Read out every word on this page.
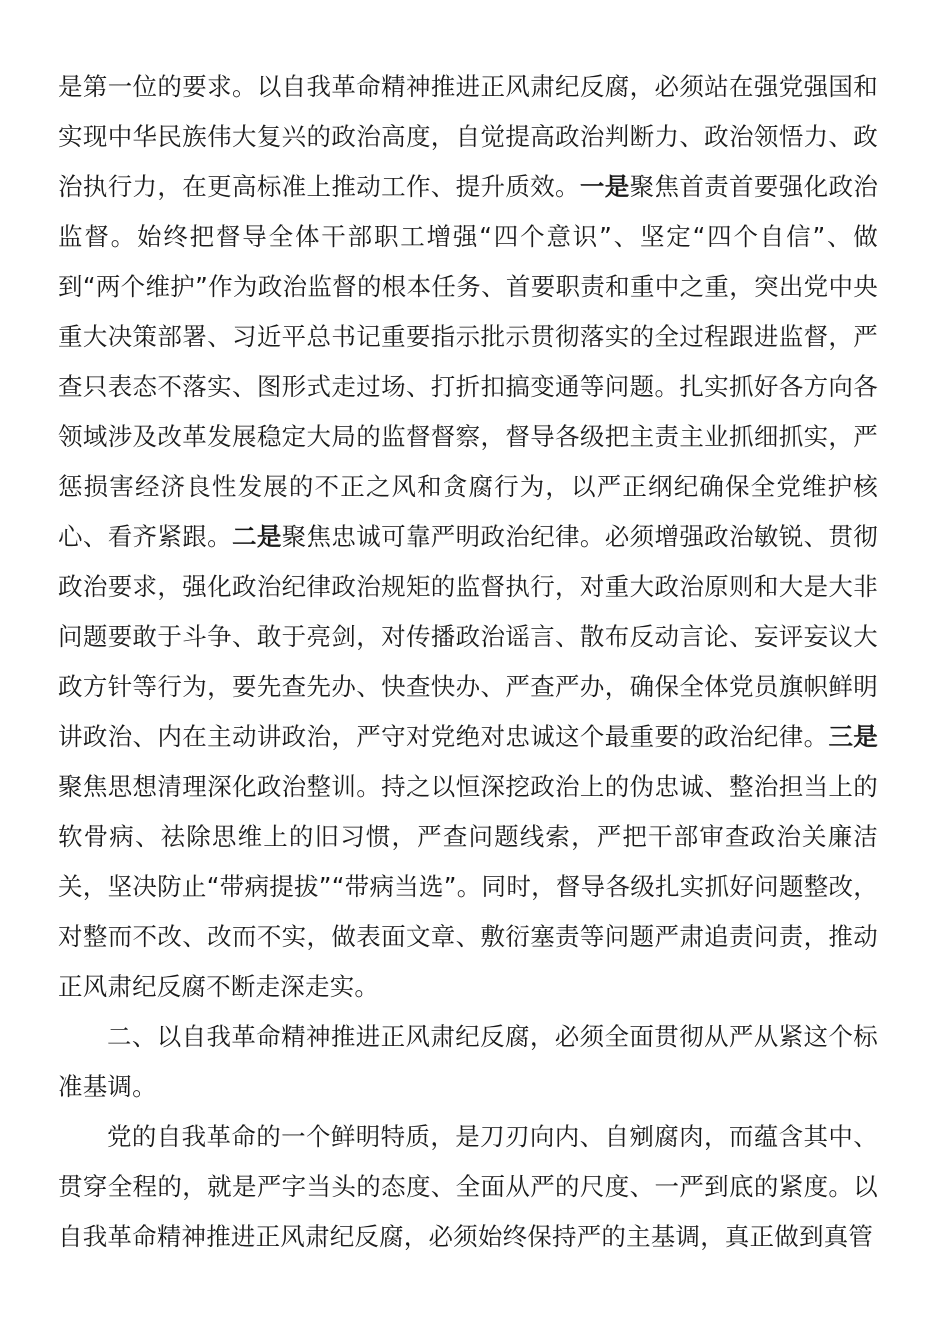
是第一位的要求。以自我革命精神推进正风肃纪反腐，必须站在强党强国和实现中华民族伟大复兴的政治高度，自觉提高政治判断力、政治领悟力、政治执行力，在更高标准上推动工作、提升质效。一是聚焦首责首要强化政治监督。始终把督导全体干部职工增强“四个意识”、坚定“四个自信”、做到“两个维护”作为政治监督的根本任务、首要职责和重中之重，突出党中央重大决策部署、习近平总书记重要指示批示贯彻落实的全过程跟进监督，严查只表态不落实、图形式走过场、打折扣搞变通等问题。扎实抓好各方向各领域涉及改革发展稳定大局的监督督察，督导各级把主责主业抓细抓实，严惩损害经济良性发展的不正之风和贪腐行为，以严正纲纪确保全党维护核心、看齐紧跟。二是聚焦忠诚可靠严明政治纪律。必须增强政治敏锐、贯彻政治要求，强化政治纪律政治规矩的监督执行，对重大政治原则和大是大非问题要敢于斗争、敢于亮剑，对传播政治谣言、散布反动言论、妄评妄议大政方针等行为，要先查先办、快查快办、严查严办，确保全体党员旗帜鲜明讲政治、内在主动讲政治，严守对党绝对忠诚这个最重要的政治纪律。三是聚焦思想清理深化政治整训。持之以恒深挖政治上的伪忠诚、整治担当上的软骨病、祛除思维上的旧习惯，严查问题线索，严把干部审查政治关廉洁关，坚决防止“带病提拔”“带病当选”。同时，督导各级扎实抓好问题整改，对整而不改、改而不实，做表面文章、敷衍塞责等问题严肃追责问责，推动正风肃纪反腐不断走深走实。

二、以自我革命精神推进正风肃纪反腐，必须全面贯彻从严从紧这个标准基调。

党的自我革命的一个鲜明特质，是刀刃向内、自剜腐肉，而蕴含其中、贯穿全程的，就是严字当头的态度、全面从严的尺度、一严到底的紧度。以自我革命精神推进正风肃纪反腐，必须始终保持严的主基调，真正做到真管
